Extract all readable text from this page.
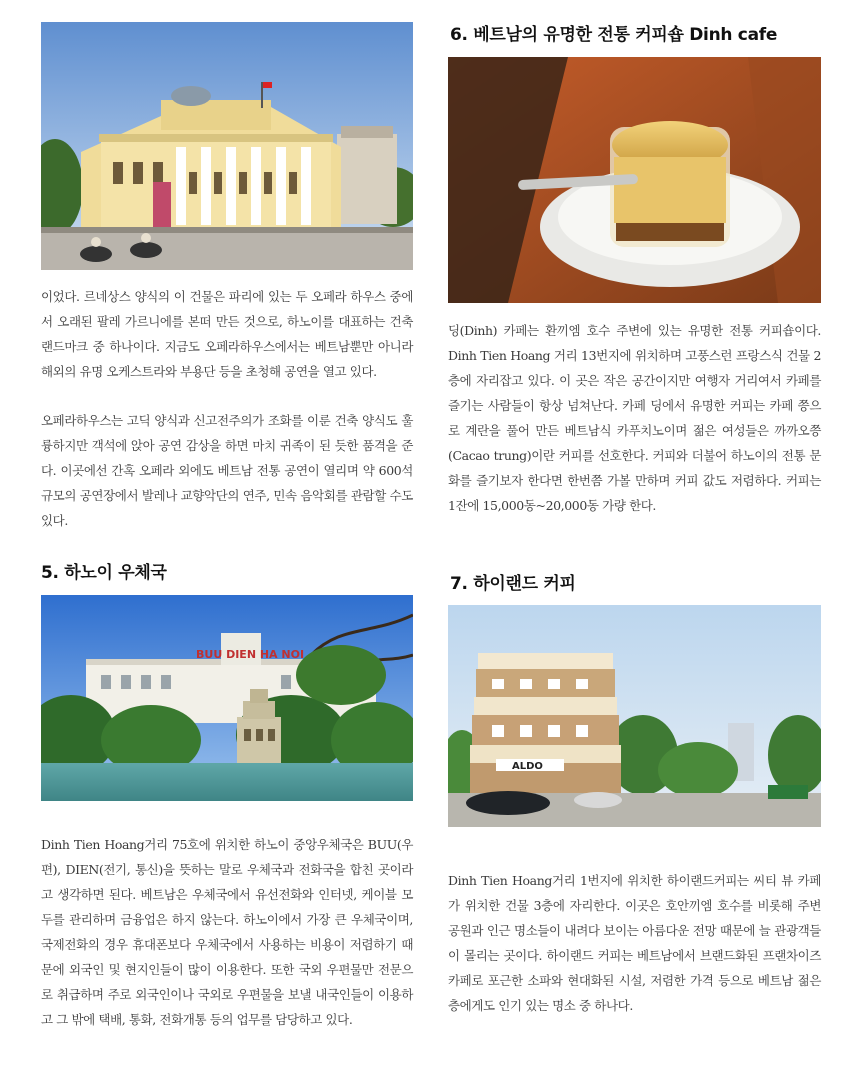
이었다. 르네상스 양식의 이 건물은 파리에 있는 두 오페라 하우스 중에서 오래된 팔레 가르니에를 본떠 만든 것으로, 하노이를 대표하는 건축 랜드마크 중 하나이다. 지금도 오페라하우스에서는 베트남뿐만 아니라 해외의 유명 오케스트라와 부용단 등을 초청해 공연을 열고 있다.

오페라하우스는 고딕 양식과 신고전주의가 조화를 이룬 건축 양식도 훌륭하지만 객석에 앉아 공연 감상을 하면 마치 귀족이 된 듯한 품격을 준다. 이곳에선 간혹 오페라 외에도 베트남 전통 공연이 열리며 약 600석 규모의 공연장에서 발레나 교향악단의 연주, 민속 음악회를 관람할 수도 있다.

5. 하노이 우체국
BUU DIEN HA NOI

Dinh Tien Hoang거리 75호에 위치한 하노이 중앙우체국은 BUU(우편), DIEN(전기, 통신)을 뜻하는 말로 우체국과 전화국을 합친 곳이라고 생각하면 된다. 베트남은 우체국에서 유선전화와 인터넷, 케이블 모두를 관리하며 금융업은 하지 않는다. 하노이에서 가장 큰 우체국이며, 국제전화의 경우 휴대폰보다 우체국에서 사용하는 비용이 저렴하기 때문에 외국인 및 현지인들이 많이 이용한다. 또한 국외 우편물만 전문으로 취급하며 주로 외국인이나 국외로 우편물을 보낼 내국인들이 이용하고 그 밖에 택배, 통화, 전화개통 등의 업무를 담당하고 있다.

6. 베트남의 유명한 전통 커피숍 Dinh cafe

딩(Dinh) 카페는 환끼엠 호수 주변에 있는 유명한 전통 커피숍이다. Dinh Tien Hoang 거리 13번지에 위치하며 고풍스런 프랑스식 건물 2층에 자리잡고 있다. 이 곳은 작은 공간이지만 여행자 거리여서 카페를 즐기는 사람들이 항상 넘쳐난다. 카페 딩에서 유명한 커피는 카페 쯩으로 계란을 풀어 만든 베트남식 카푸치노이며 젊은 여성들은 까까오쯩(Cacao trung)이란 커피를 선호한다. 커피와 더불어 하노이의 전통 문화를 즐기보자 한다면 한번쯤 가볼 만하며 커피 값도 저렴하다. 커피는 1잔에 15,000동~20,000동 가량 한다.

7. 하이랜드 커피
ALDO

Dinh Tien Hoang거리 1번지에 위치한 하이랜드커피는 씨티 뷰 카페가 위치한 건물 3층에 자리한다. 이곳은 호안끼엠 호수를 비롯해 주변 공원과 인근 명소들이 내려다 보이는 아름다운 전망 때문에 늘 관광객들이 몰리는 곳이다. 하이랜드 커피는 베트남에서 브랜드화된 프랜차이즈 카페로 포근한 소파와 현대화된 시설, 저렴한 가격 등으로 베트남 젊은 층에게도 인기 있는 명소 중 하나다.
